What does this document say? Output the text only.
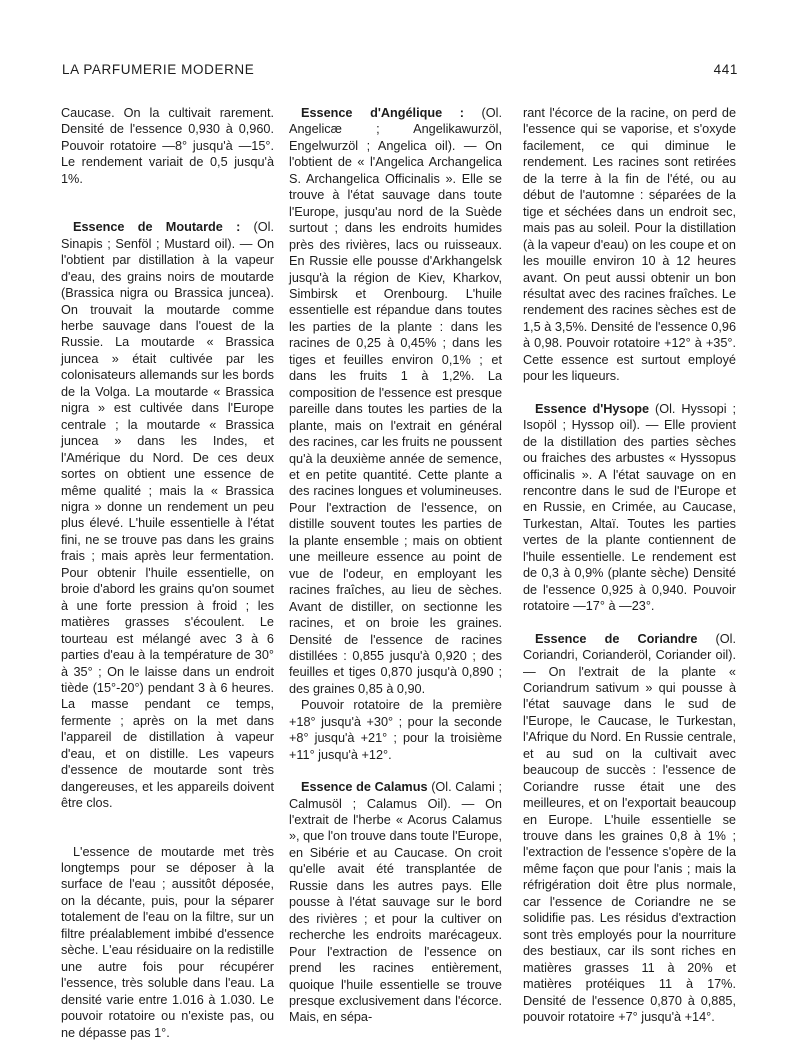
LA PARFUMERIE MODERNE	441

Caucase. On la cultivait rarement. Densité de l'essence 0,930 à 0,960. Pouvoir rotatoire —8° jusqu'à —15°. Le rendement variait de 0,5 jusqu'à 1%.

Essence de Moutarde : (Ol. Sinapis ; Senföl ; Mustard oil). — On l'obtient par distillation à la vapeur d'eau, des grains noirs de moutarde (Brassica nigra ou Brassica juncea). On trouvait la moutarde comme herbe sauvage dans l'ouest de la Russie. La moutarde « Brassica juncea » était cultivée par les colonisateurs allemands sur les bords de la Volga. La moutarde « Brassica nigra » est cultivée dans l'Europe centrale ; la moutarde « Brassica juncea » dans les Indes, et l'Amérique du Nord. De ces deux sortes on obtient une essence de même qualité ; mais la « Brassica nigra » donne un rendement un peu plus élevé. L'huile essentielle à l'état fini, ne se trouve pas dans les grains frais ; mais après leur fermentation. Pour obtenir l'huile essentielle, on broie d'abord les grains qu'on soumet à une forte pression à froid ; les matières grasses s'écoulent. Le tourteau est mélangé avec 3 à 6 parties d'eau à la température de 30° à 35° ; On le laisse dans un endroit tiède (15°-20°) pendant 3 à 6 heures. La masse pendant ce temps, fermente ; après on la met dans l'appareil de distillation à vapeur d'eau, et on distille. Les vapeurs d'essence de moutarde sont très dangereuses, et les appareils doivent être clos.

L'essence de moutarde met très longtemps pour se déposer à la surface de l'eau ; aussitôt déposée, on la décante, puis, pour la séparer totalement de l'eau on la filtre, sur un filtre préalablement imbibé d'essence sèche. L'eau résiduaire on la redistille une autre fois pour récupérer l'essence, très soluble dans l'eau. La densité varie entre 1.016 à 1.030. Le pouvoir rotatoire ou n'existe pas, ou ne dépasse pas 1°.

Essence d'Angélique : (Ol. Angelicæ ; Angelikawurzöl, Engelwurzöl ; Angelica oil). — On l'obtient de « l'Angelica Archangelica S. Archangelica Officinalis ». Elle se trouve à l'état sauvage dans toute l'Europe, jusqu'au nord de la Suède surtout ; dans les endroits humides près des rivières, lacs ou ruisseaux. En Russie elle pousse d'Arkhangelsk jusqu'à la région de Kiev, Kharkov, Simbirsk et Orenbourg. L'huile essentielle est répandue dans toutes les parties de la plante : dans les racines de 0,25 à 0,45% ; dans les tiges et feuilles environ 0,1% ; et dans les fruits 1 à 1,2%. La composition de l'essence est presque pareille dans toutes les parties de la plante, mais on l'extrait en général des racines, car les fruits ne poussent qu'à la deuxième année de semence, et en petite quantité. Cette plante a des racines longues et volumineuses. Pour l'extraction de l'essence, on distille souvent toutes les parties de la plante ensemble ; mais on obtient une meilleure essence au point de vue de l'odeur, en employant les racines fraîches, au lieu de sèches. Avant de distiller, on sectionne les racines, et on broie les graines. Densité de l'essence de racines distillées : 0,855 jusqu'à 0,920 ; des feuilles et tiges 0,870 jusqu'à 0,890 ; des graines 0,85 à 0,90.

Pouvoir rotatoire de la première +18° jusqu'à +30° ; pour la seconde +8° jusqu'à +21° ; pour la troisième +11° jusqu'à +12°.

Essence de Calamus (Ol. Calami ; Calmusöl ; Calamus Oil). — On l'extrait de l'herbe « Acorus Calamus », que l'on trouve dans toute l'Europe, en Sibérie et au Caucase. On croit qu'elle avait été transplantée de Russie dans les autres pays. Elle pousse à l'état sauvage sur le bord des rivières ; et pour la cultiver on recherche les endroits marécageux. Pour l'extraction de l'essence on prend les racines entièrement, quoique l'huile essentielle se trouve presque exclusivement dans l'écorce. Mais, en sépa-

rant l'écorce de la racine, on perd de l'essence qui se vaporise, et s'oxyde facilement, ce qui diminue le rendement. Les racines sont retirées de la terre à la fin de l'été, ou au début de l'automne : séparées de la tige et séchées dans un endroit sec, mais pas au soleil. Pour la distillation (à la vapeur d'eau) on les coupe et on les mouille environ 10 à 12 heures avant. On peut aussi obtenir un bon résultat avec des racines fraîches. Le rendement des racines sèches est de 1,5 à 3,5%. Densité de l'essence 0,96 à 0,98. Pouvoir rotatoire +12° à +35°. Cette essence est surtout employé pour les liqueurs.

Essence d'Hysope (Ol. Hyssopi ; Isopöl ; Hyssop oil). — Elle provient de la distillation des parties sèches ou fraiches des arbustes « Hyssopus officinalis ». A l'état sauvage on en rencontre dans le sud de l'Europe et en Russie, en Crimée, au Caucase, Turkestan, Altaï. Toutes les parties vertes de la plante contiennent de l'huile essentielle. Le rendement est de 0,3 à 0,9% (plante sèche) Densité de l'essence 0,925 à 0,940. Pouvoir rotatoire —17° à —23°.

Essence de Coriandre (Ol. Coriandri, Corianderöl, Coriander oil). — On l'extrait de la plante « Coriandrum sativum » qui pousse à l'état sauvage dans le sud de l'Europe, le Caucase, le Turkestan, l'Afrique du Nord. En Russie centrale, et au sud on la cultivait avec beaucoup de succès : l'essence de Coriandre russe était une des meilleures, et on l'exportait beaucoup en Europe. L'huile essentielle se trouve dans les graines 0,8 à 1% ; l'extraction de l'essence s'opère de la même façon que pour l'anis ; mais la réfrigération doit être plus normale, car l'essence de Coriandre ne se solidifie pas. Les résidus d'extraction sont très employés pour la nourriture des bestiaux, car ils sont riches en matières grasses 11 à 20% et matières protéiques 11 à 17%. Densité de l'essence 0,870 à 0,885, pouvoir rotatoire +7° jusqu'à +14°.
